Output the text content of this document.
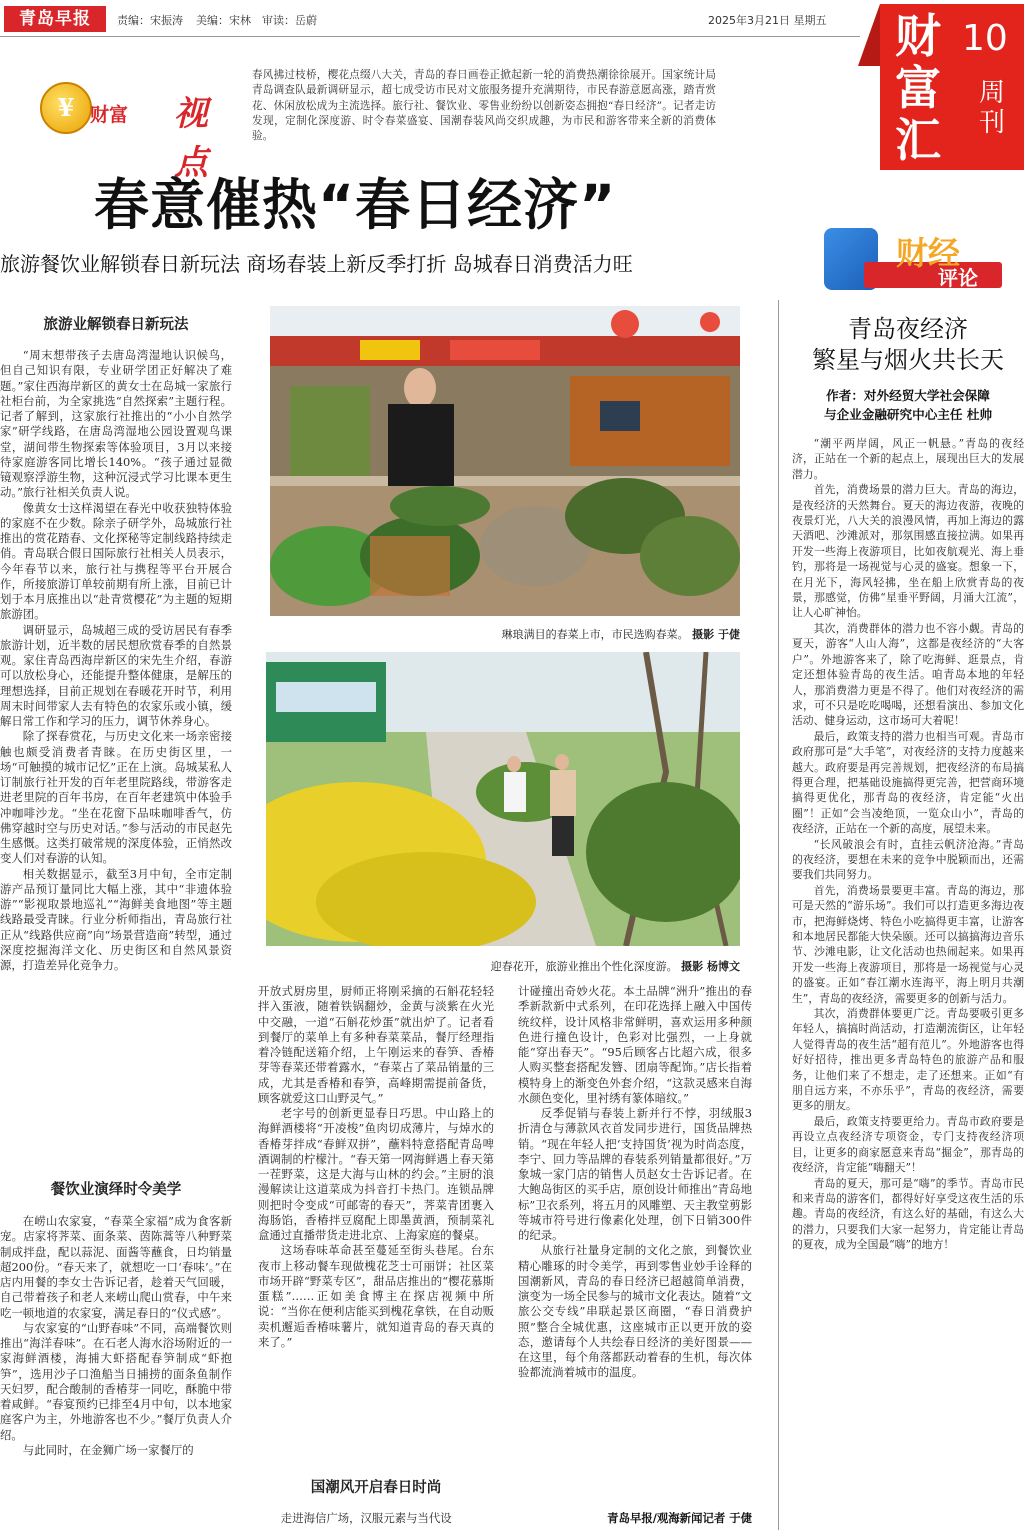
青岛早报	责编：宋振涛 美编：宋林 审读：岳蔚	2025年3月21日 星期五 财富汇
10
周刊
¥ 财富 视点
春风拂过枝桥，樱花点缀八大关，青岛的春日画卷正掀起新一轮的消费热潮徐徐展开。国家统计局青岛调查队最新调研显示，超七成受访市民对文旅服务提升充满期待，市民春游意愿高涨，踏青赏花、休闲放松成为主流选择。旅行社、餐饮业、零售业纷纷以创新姿态拥抱“春日经济”。记者走访发现，定制化深度游、时令春菜盛宴、国潮春装风尚交织成趣，为市民和游客带来全新的消费体验。
春意催热“春日经济”
旅游餐饮业解锁春日新玩法 商场春装上新反季打折 岛城春日消费活力旺	财经
评论
旅游业解锁春日新玩法

“周末想带孩子去唐岛湾湿地认识候鸟，但自己知识有限，专业研学团正好解决了难题。”家住西海岸新区的黄女士在岛城一家旅行社柜台前，为全家挑选“自然探索”主题行程。记者了解到，这家旅行社推出的“小小自然学家”研学线路，在唐岛湾湿地公园设置观鸟课堂，湖间带生物探索等体验项目，3月以来接待家庭游客同比增长140%。“孩子通过显微镜观察浮游生物，这种沉浸式学习比课本更生动。”旅行社相关负责人说。

像黄女士这样渴望在春光中收获独特体验的家庭不在少数。除亲子研学外，岛城旅行社推出的赏花踏春、文化探秘等定制线路持续走俏。青岛联合假日国际旅行社相关人员表示，今年春节以来，旅行社与携程等平台开展合作，所接旅游订单较前期有所上涨，目前已计划于本月底推出以“赴青赏樱花”为主题的短期旅游团。

调研显示，岛城超三成的受访居民有春季旅游计划，近半数的居民想欣赏春季的自然景观。家住青岛西海岸新区的宋先生介绍，春游可以放松身心，还能提升整体健康，是解压的理想选择，目前正规划在春暖花开时节，利用周末时间带家人去有特色的农家乐或小镇，缓解日常工作和学习的压力，调节休养身心。

除了探春赏花，与历史文化来一场亲密接触也颇受消费者青睐。在历史街区里，一场“可触摸的城市记忆”正在上演。岛城某私人订制旅行社开发的百年老里院路线，带游客走进老里院的百年书房，在百年老建筑中体验手冲咖啡沙龙。“坐在花窗下品味咖啡香气，仿佛穿越时空与历史对话。”参与活动的市民赵先生感慨。这类打破常规的深度体验，正悄然改变人们对春游的认知。

相关数据显示，截至3月中旬，全市定制游产品预订量同比大幅上涨，其中“非遗体验游”“影视取景地巡礼”“海鲜美食地图”等主题线路最受青睐。行业分析师指出，青岛旅行社正从“线路供应商”向“场景营造商”转型，通过深度挖掘海洋文化、历史街区和自然风景资源，打造差异化竞争力。

餐饮业演绎时令美学

在崂山农家宴，“春菜全家福”成为食客新宠。店家将荠菜、面条菜、茵陈蒿等八种野菜制成拌盘，配以蒜泥、面酱等蘸食，日均销量超200份。“春天来了，就想吃一口‘春味’。”在店内用餐的李女士告诉记者，趁着天气回暖，自己带着孩子和老人来崂山爬山赏春，中午来吃一顿地道的农家宴，满足春日的“仪式感”。

与农家宴的“山野春味”不同，高端餐饮则推出“海洋春味”。在石老人海水浴场附近的一家海鲜酒楼，海捕大虾搭配春笋制成“虾抱笋”，选用沙子口渔船当日捕捞的面条鱼制作天妇罗，配合酸制的香椿芽一同吃，酥脆中带着咸鲜。“春宴预约已排至4月中旬，以本地家庭客户为主，外地游客也不少。”餐厅负责人介绍。

与此同时，在金狮广场一家餐厅的

琳琅满目的春菜上市，市民选购春菜。 摄影 于倢
迎春花开，旅游业推出个性化深度游。 摄影 杨博文

开放式厨房里，厨师正将刚采摘的石斛花轻轻拌入蛋液，随着铁锅翻炒，金黄与淡紫在火光中交融，一道“石斛花炒蛋”就出炉了。记者看到餐厅的菜单上有多种春菜菜品，餐厅经理指着冷链配送箱介绍，上午刚运来的春笋、香椿芽等春菜还带着露水，“春菜占了菜品销量的三成，尤其是香椿和春笋，高峰期需提前备货，顾客就爱这口山野灵气。”

老字号的创新更显春日巧思。中山路上的海鲜酒楼将“开凌梭”鱼肉切成薄片，与焯水的香椿芽拌成“春鲜双拼”，蘸料特意搭配青岛啤酒调制的柠檬汁。“春天第一网海鲜遇上春天第一茬野菜，这是大海与山林的约会。”主厨的浪漫解读让这道菜成为抖音打卡热门。连锁品牌则把时令变成“可邮寄的春天”，荠菜青团裹入海肠馅，香椿拌豆腐配上即墨黄酒，预制菜礼盒通过直播带货走进北京、上海家庭的餐桌。

这场春味革命甚至蔓延至街头巷尾。台东夜市上移动餐车现做槐花芝士可丽饼；社区菜市场开辟“野菜专区”，甜品店推出的“樱花慕斯蛋糕”……正如美食博主在探店视频中所说：“当你在便利店能买到槐花拿铁，在自动贩卖机邂逅香椿味薯片，就知道青岛的春天真的来了。”

国潮风开启春日时尚

走进海信广场，汉服元素与当代设

计碰撞出奇妙火花。本土品牌“洲升”推出的春季新款新中式系列，在印花选择上融入中国传统纹样，设计风格非常鲜明，喜欢运用多种颜色进行撞色设计，色彩对比强烈，一上身就能“穿出春天”。“95后顾客占比超六成，很多人购买整套搭配发簪、团扇等配饰。”店长指着模特身上的渐变色外套介绍，“这款灵感来自海水颜色变化，里衬绣有篆体暗纹。”

反季促销与春装上新并行不悖，羽绒服3折清仓与薄款风衣首发同步进行，国货品牌热销。“现在年轻人把‘支持国货’视为时尚态度，李宁、回力等品牌的春装系列销量都很好。”万象城一家门店的销售人员赵女士告诉记者。在大鲍岛街区的买手店，原创设计师推出“青岛地标”卫衣系列，将五月的风雕塑、天主教堂剪影等城市符号进行像素化处理，创下日销300件的纪录。

从旅行社量身定制的文化之旅，到餐饮业精心雕琢的时令美学，再到零售业妙手诠释的国潮新风，青岛的春日经济已超越简单消费，演变为一场全民参与的城市文化表达。随着“文旅公交专线”串联起景区商圈，“春日消费护照”整合全城优惠，这座城市正以更开放的姿态，邀请每个人共绘春日经济的美好图景——在这里，每个角落都跃动着春的生机，每次体验都流淌着城市的温度。

青岛早报/观海新闻记者 于倢
青岛夜经济
繁星与烟火共长天
作者：对外经贸大学社会保障
与企业金融研究中心主任 杜帅

“潮平两岸阔，风正一帆悬。”青岛的夜经济，正站在一个新的起点上，展现出巨大的发展潜力。

首先，消费场景的潜力巨大。青岛的海边，是夜经济的天然舞台。夏天的海边夜游，夜晚的夜景灯光，八大关的浪漫风情，再加上海边的露天酒吧、沙滩派对，那氛围感直接拉满。如果再开发一些海上夜游项目，比如夜航观光、海上垂钓，那将是一场视觉与心灵的盛宴。想象一下，在月光下，海风轻拂，坐在船上欣赏青岛的夜景，那感觉，仿佛“星垂平野阔，月涌大江流”，让人心旷神怡。

其次，消费群体的潜力也不容小觑。青岛的夏天，游客“人山人海”，这都是夜经济的“大客户”。外地游客来了，除了吃海鲜、逛景点，肯定还想体验青岛的夜生活。咱青岛本地的年轻人，那消费潜力更是不得了。他们对夜经济的需求，可不只是吃吃喝喝，还想看演出、参加文化活动、健身运动，这市场可大着呢！

最后，政策支持的潜力也相当可观。青岛市政府那可是“大手笔”，对夜经济的支持力度越来越大。政府要是再完善规划，把夜经济的布局搞得更合理，把基础设施搞得更完善，把营商环境搞得更优化，那青岛的夜经济，肯定能“火出圈”！正如“会当凌绝顶，一览众山小”，青岛的夜经济，正站在一个新的高度，展望未来。

“长风破浪会有时，直挂云帆济沧海。”青岛的夜经济，要想在未来的竞争中脱颖而出，还需要我们共同努力。

首先，消费场景要更丰富。青岛的海边，那可是天然的“游乐场”。我们可以打造更多海边夜市，把海鲜烧烤、特色小吃搞得更丰富，让游客和本地居民都能大快朵颐。还可以搞搞海边音乐节、沙滩电影，让文化活动也热闹起来。如果再开发一些海上夜游项目，那将是一场视觉与心灵的盛宴。正如“春江潮水连海平，海上明月共潮生”，青岛的夜经济，需要更多的创新与活力。

其次，消费群体要更广泛。青岛要吸引更多年轻人，搞搞时尚活动，打造潮流街区，让年轻人觉得青岛的夜生活“超有范儿”。外地游客也得好好招待，推出更多青岛特色的旅游产品和服务，让他们来了不想走，走了还想来。正如“有朋自远方来，不亦乐乎”，青岛的夜经济，需要更多的朋友。

最后，政策支持要更给力。青岛市政府要是再设立点夜经济专项资金，专门支持夜经济项目，让更多的商家愿意来青岛“掘金”，那青岛的夜经济，肯定能“嗨翻天”！

青岛的夏天，那可是“嗨”的季节。青岛市民和来青岛的游客们，都得好好享受这夜生活的乐趣。青岛的夜经济，有这么好的基础，有这么大的潜力，只要我们大家一起努力，肯定能让青岛的夏夜，成为全国最“嗨”的地方！
